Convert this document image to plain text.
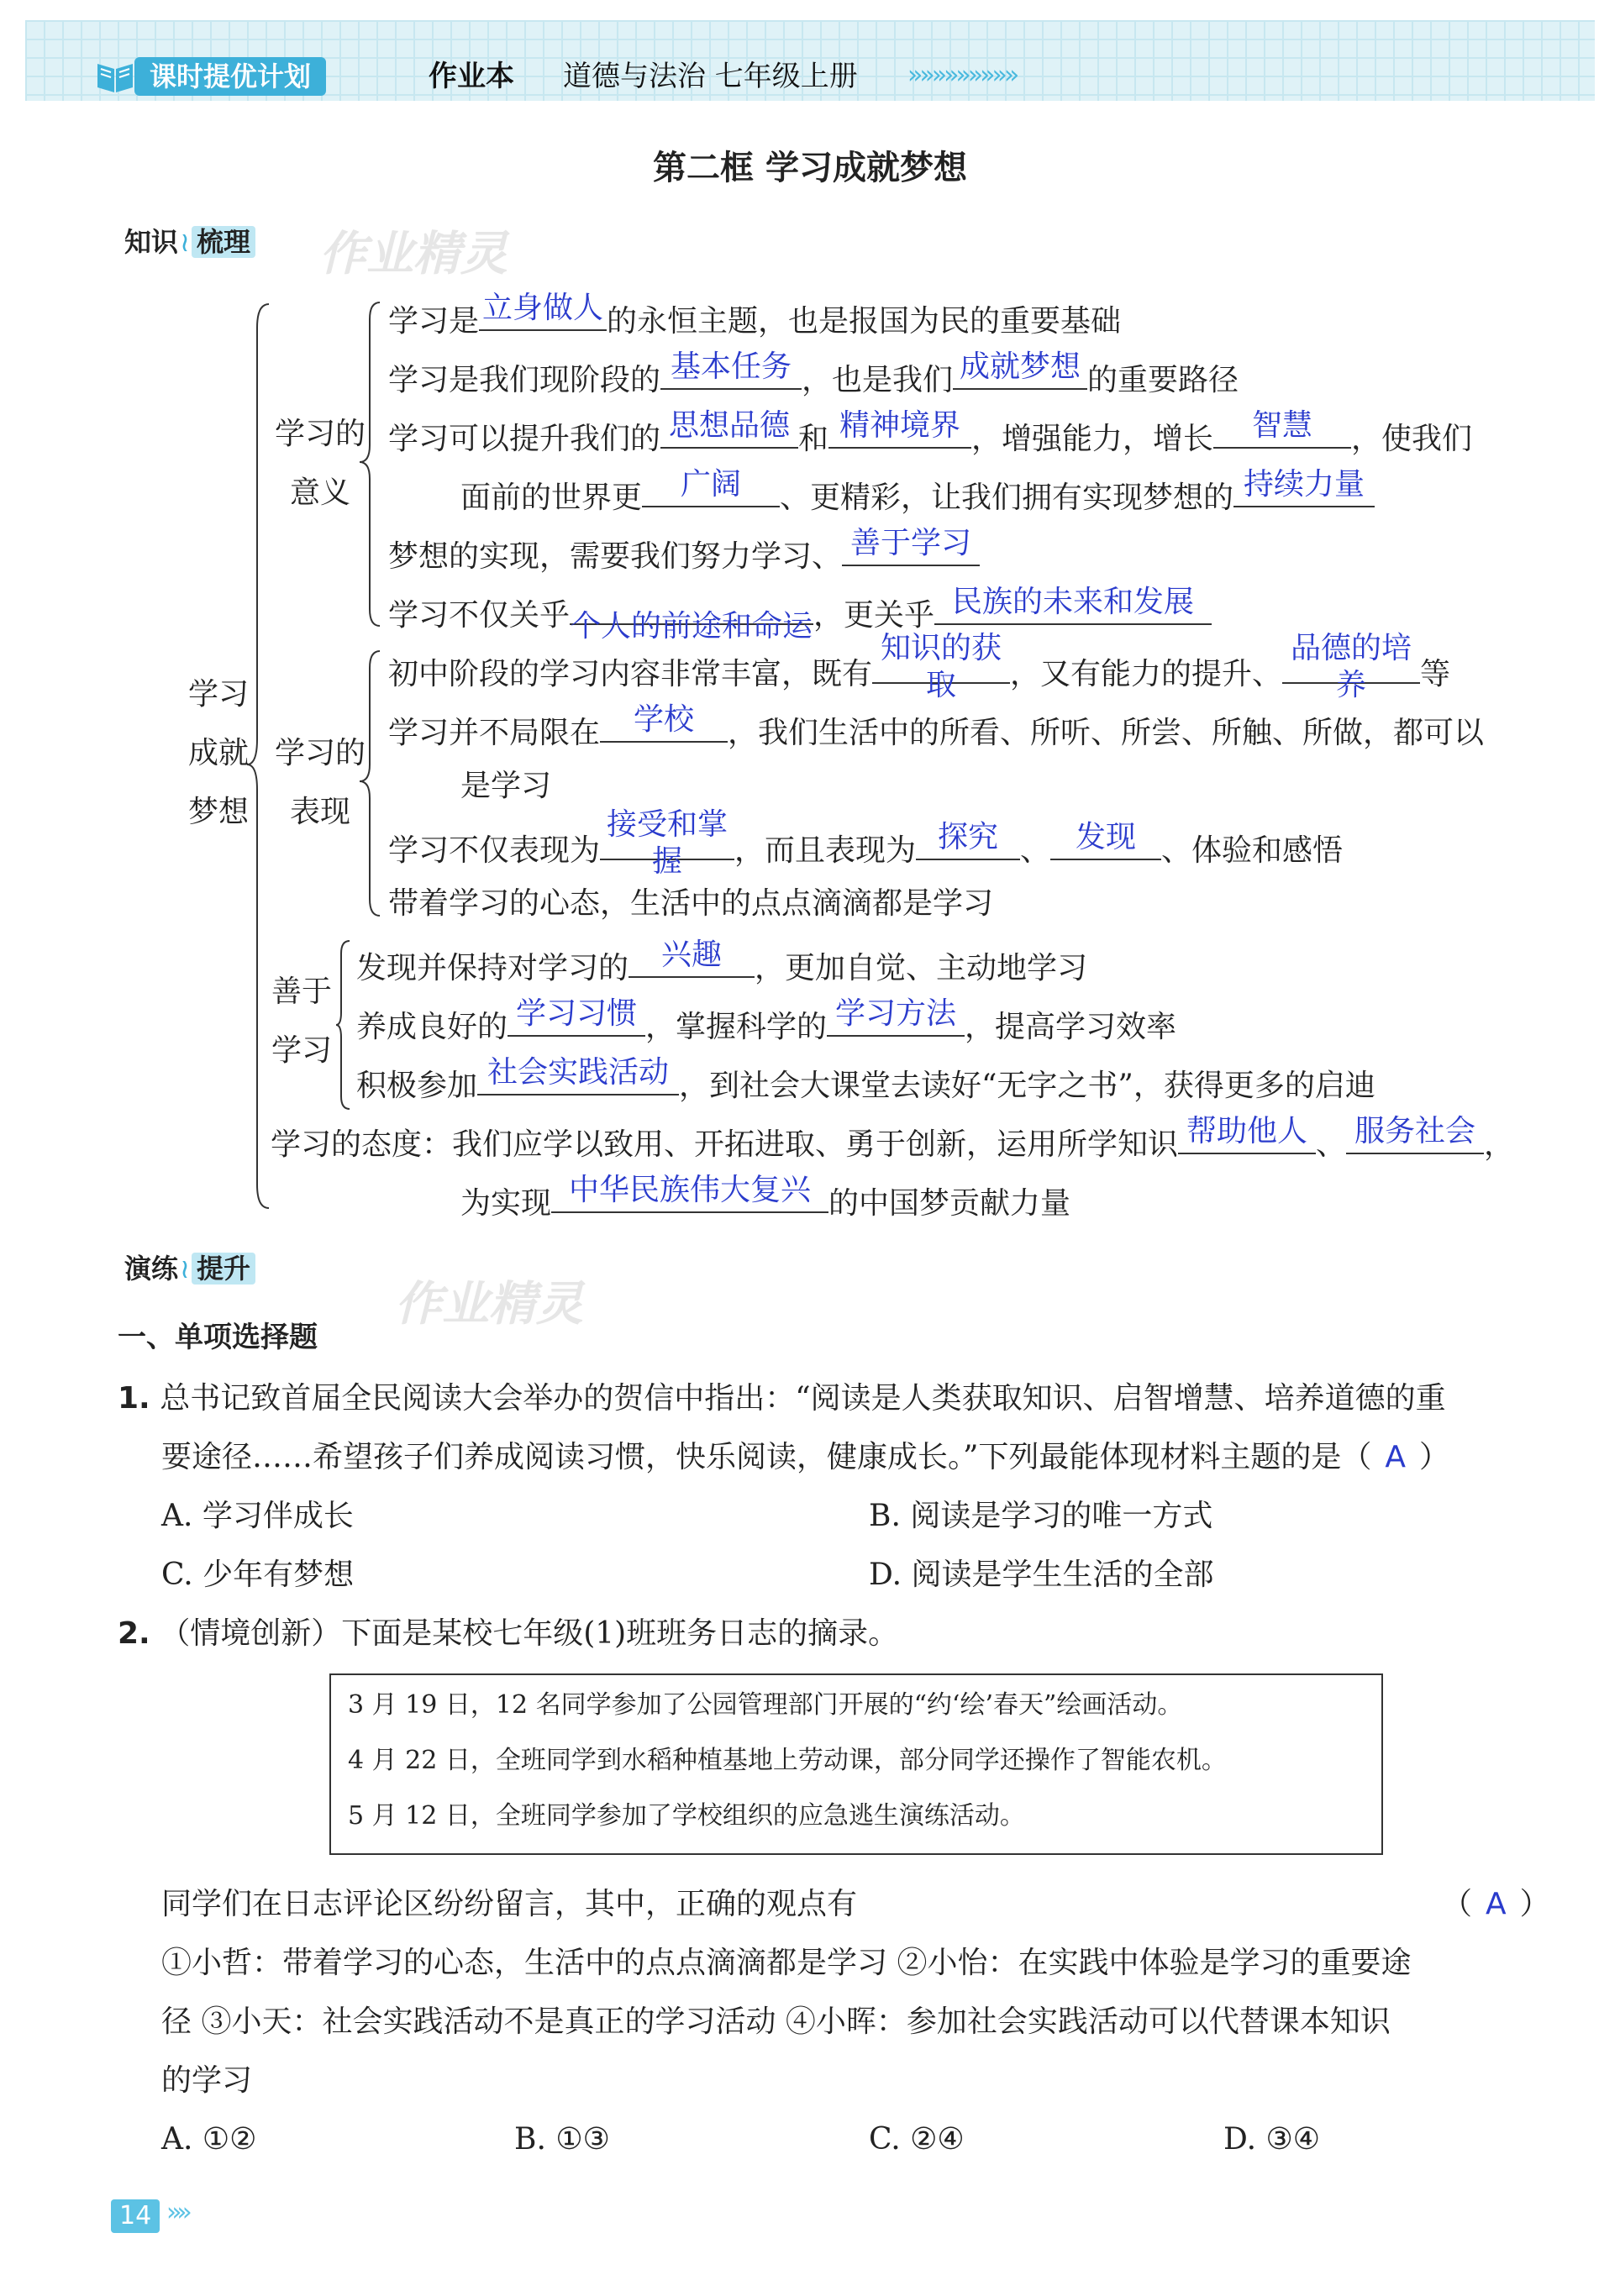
课时提优计划	作业本 道德与法治 七年级上册 »»»»»»»»»
第二框 学习成就梦想
知识≀ 梳理 作业精灵
学习
成就
梦想
学习的
意义
学习的
表现
善于
学习
学习是 立身做人 的永恒主题，也是报国为民的重要基础
学习是我们现阶段的 基本任务 ，也是我们 成就梦想 的重要路径
学习可以提升我们的 思想品德 和 精神境界 ，增强能力，增长	智慧	，使我们
面前的世界更	广阔	、更精彩，让我们拥有实现梦想的 持续力量
梦想的实现，需要我们努力学习、 善于学习
学习不仅关乎 个人的前途和命运 ，更关乎 民族的未来和发展
初中阶段的学习内容非常丰富，既有
知识的获取	，又有能力的提升、
品德的培养	等
学习并不局限在	学校	，我们生活中的所看、所听、所尝、所触、所做，都可以
是学习
学习不仅表现为
接受和掌握	，而且表现为 探究 、 发现 、体验和感悟
带着学习的心态，生活中的点点滴滴都是学习
发现并保持对学习的	兴趣	，更加自觉、主动地学习
养成良好的 学习习惯 ，掌握科学的 学习方法 ，提高学习效率
积极参加 社会实践活动 ，到社会大课堂去读好“无字之书”，获得更多的启迪
学习的态度：我们应学以致用、开拓进取、勇于创新，运用所学知识 帮助他人 、 服务社会 ，
为实现 中华民族伟大复兴 的中国梦贡献力量
演练≀ 提升
作业精灵
一、单项选择题
1. 总书记致首届全民阅读大会举办的贺信中指出：“阅读是人类获取知识、启智增慧、培养道德的重
要途径……希望孩子们养成阅读习惯，快乐阅读，健康成长。”下列最能体现材料主题的是（ A ）
A. 学习伴成长	B. 阅读是学习的唯一方式
C. 少年有梦想	D. 阅读是学生生活的全部
2. （情境创新）下面是某校七年级(1)班班务日志的摘录。
3 月 19 日，12 名同学参加了公园管理部门开展的“约‘绘’春天”绘画活动。
4 月 22 日，全班同学到水稻种植基地上劳动课，部分同学还操作了智能农机。
5 月 12 日，全班同学参加了学校组织的应急逃生演练活动。
同学们在日志评论区纷纷留言，其中，正确的观点有	（ A ）
①小哲：带着学习的心态，生活中的点点滴滴都是学习 ②小怡：在实践中体验是学习的重要途
径 ③小天：社会实践活动不是真正的学习活动 ④小晖：参加社会实践活动可以代替课本知识
的学习
A. ①②	B. ①③	C. ②④	D. ③④
14 »»
